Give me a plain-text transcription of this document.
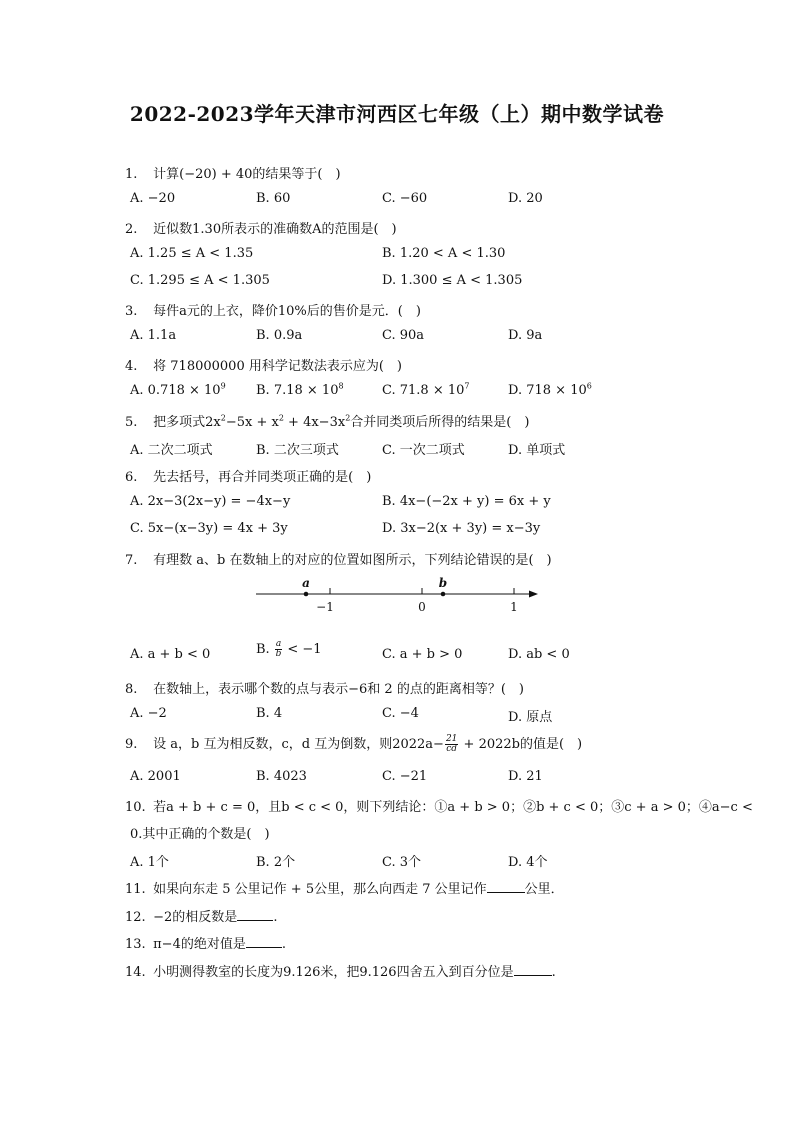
2022-2023学年天津市河西区七年级（上）期中数学试卷
1. 计算(−20) + 40的结果等于(　)
A. −20	B. 60	C. −60	D. 20
2. 近似数1.30所表示的准确数A的范围是(　)
A. 1.25 ≤ A < 1.35	B. 1.20 < A < 1.30
C. 1.295 ≤ A < 1.305	D. 1.300 ≤ A < 1.305
3. 每件a元的上衣，降价10%后的售价是元．(　)
A. 1.1a	B. 0.9a	C. 90a	D. 9a
4. 将 718000000 用科学记数法表示应为(　)
A. $0.718 \times 10^9$ B. $7.18 \times 10^8$	C. $71.8 \times 10^7$	D. $718 \times 10^6$
5. 把多项式$2x^2-5x + x^2 + 4x-3x^2$合并同类项后所得的结果是(　)
A. 二次二项式	B. 二次三项式	C. 一次二项式	D. 单项式
6. 先去括号，再合并同类项正确的是(　)
A. 2x−3(2x−y) = −4x−y	B. 4x−(−2x + y) = 6x + y
C. 5x−(x−3y) = 4x + 3y	D. 3x−2(x + 3y) = x−3y
7. 有理数 a、b 在数轴上的对应的位置如图所示，下列结论错误的是(　)
a	b
−1	0	1
A. a + b < 0	B. $\frac{a}{b} < -1$	C. a + b > 0	D. ab < 0
8. 在数轴上，表示哪个数的点与表示−6和 2 的点的距离相等？(　)
A. −2	B. 4	C. −4	D. 原点
9. 设 a，b 互为相反数，c，d 互为倒数，则$2022a- \frac{21}{cd} + 2022b$的值是(　)
A. 2001	B. 4023	C. −21	D. 21
10. 若a + b + c = 0，且b < c < 0，则下列结论：①a + b > 0；②b + c < 0；③c + a > 0；④a−c <
0.其中正确的个数是(　)
A. 1个	B. 2个	C. 3个	D. 4个
11. 如果向东走 5 公里记作 + 5公里，那么向西走 7 公里记作	公里．
12. −2的相反数是	.
13. π−4的绝对值是	.
14. 小明测得教室的长度为9.126米，把9.126四舍五入到百分位是	.
